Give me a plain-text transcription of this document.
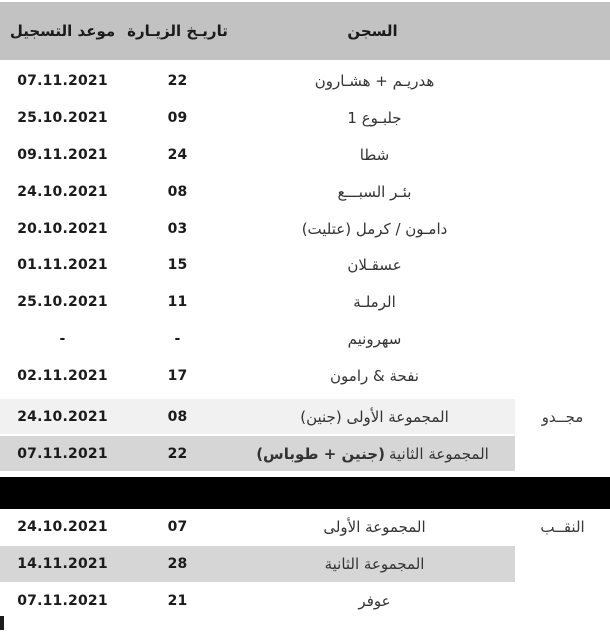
السجن
تاريـخ الزيـارة
موعد التسجيل
هدريـم + هشـارون
22
07.11.2021
جلبـوع 1
09
25.10.2021
شطا
24
09.11.2021
بئـر السبـــع
08
24.10.2021
دامـون / كرمل (عتليت)
03
20.10.2021
عسقـلان
15
01.11.2021
الرملـة
11
25.10.2021
سهرونيم
-
-
نفحة & رامون
17
02.11.2021
مجــدو
المجموعة الأولى (جنين)
08
24.10.2021
المجموعة الثانية
(جنين + طوباس)
22
07.11.2021
النقــب
المجموعة الأولى
07
24.10.2021
المجموعة الثانية
28
14.11.2021
عوفر
21
07.11.2021
